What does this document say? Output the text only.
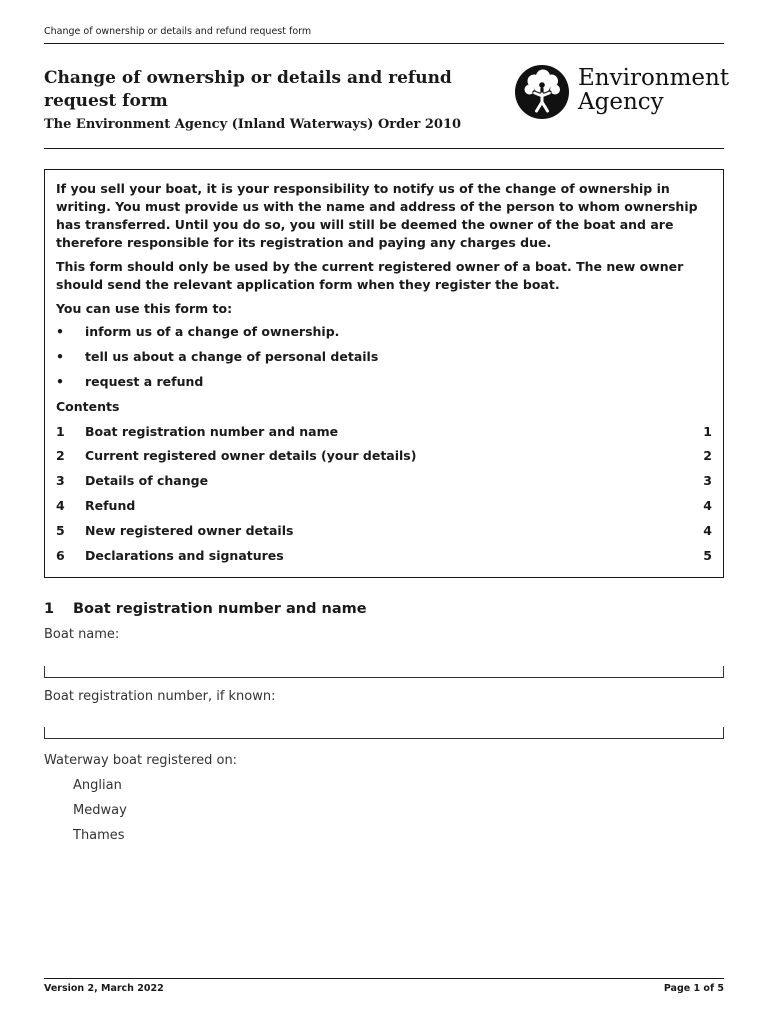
Change of ownership or details and refund request form
Change of ownership or details and refund request form
The Environment Agency (Inland Waterways) Order 2010
Environment
Agency

If you sell your boat, it is your responsibility to notify us of the change of ownership in writing. You must provide us with the name and address of the person to whom ownership has transferred. Until you do so, you will still be deemed the owner of the boat and are therefore responsible for its registration and paying any charges due.

This form should only be used by the current registered owner of a boat. The new owner should send the relevant application form when they register the boat.

You can use this form to:

•	inform us of a change of ownership.
•	tell us about a change of personal details
•	request a refund
Contents
1	Boat registration number and name	1
2	Current registered owner details (your details)	2
3	Details of change	3
4	Refund	4
5	New registered owner details	4
6	Declarations and signatures	5
1 Boat registration number and name
Boat name:
Boat registration number, if known:
Waterway boat registered on:
Anglian
Medway
Thames
Version 2, March 2022	Page 1 of 5
